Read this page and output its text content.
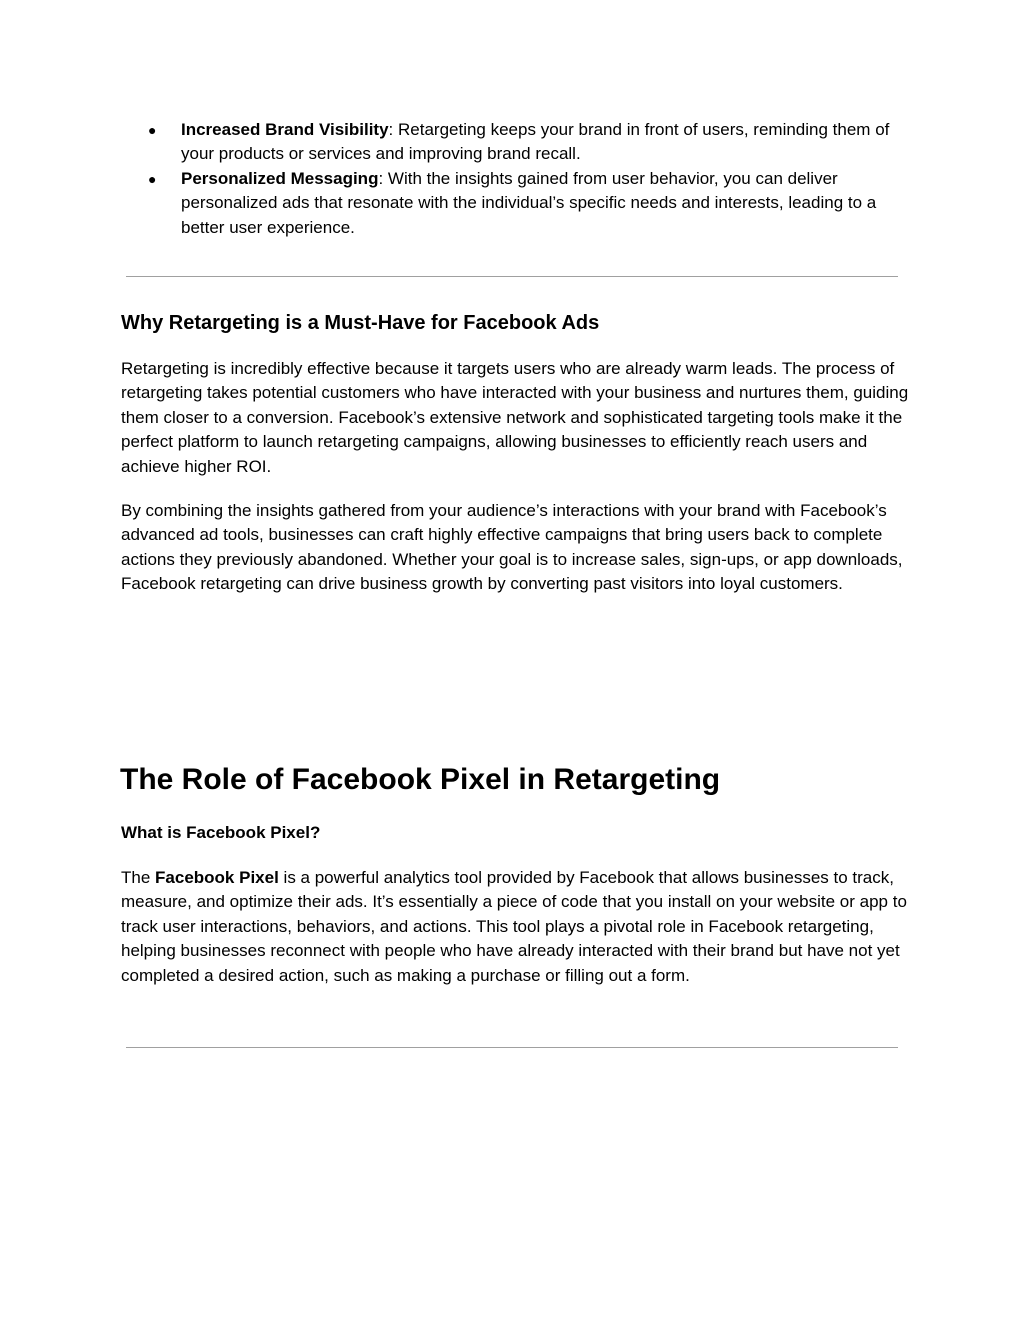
● Increased Brand Visibility: Retargeting keeps your brand in front of users, reminding them of your products or services and improving brand recall.
● Personalized Messaging: With the insights gained from user behavior, you can deliver personalized ads that resonate with the individual’s specific needs and interests, leading to a better user experience.
Why Retargeting is a Must-Have for Facebook Ads

Retargeting is incredibly effective because it targets users who are already warm leads. The process of retargeting takes potential customers who have interacted with your business and nurtures them, guiding them closer to a conversion. Facebook’s extensive network and sophisticated targeting tools make it the perfect platform to launch retargeting campaigns, allowing businesses to efficiently reach users and achieve higher ROI.

By combining the insights gathered from your audience’s interactions with your brand with Facebook’s advanced ad tools, businesses can craft highly effective campaigns that bring users back to complete actions they previously abandoned. Whether your goal is to increase sales, sign-ups, or app downloads, Facebook retargeting can drive business growth by converting past visitors into loyal customers.

The Role of Facebook Pixel in Retargeting
What is Facebook Pixel?

The Facebook Pixel is a powerful analytics tool provided by Facebook that allows businesses to track, measure, and optimize their ads. It’s essentially a piece of code that you install on your website or app to track user interactions, behaviors, and actions. This tool plays a pivotal role in Facebook retargeting, helping businesses reconnect with people who have already interacted with their brand but have not yet completed a desired action, such as making a purchase or filling out a form.
